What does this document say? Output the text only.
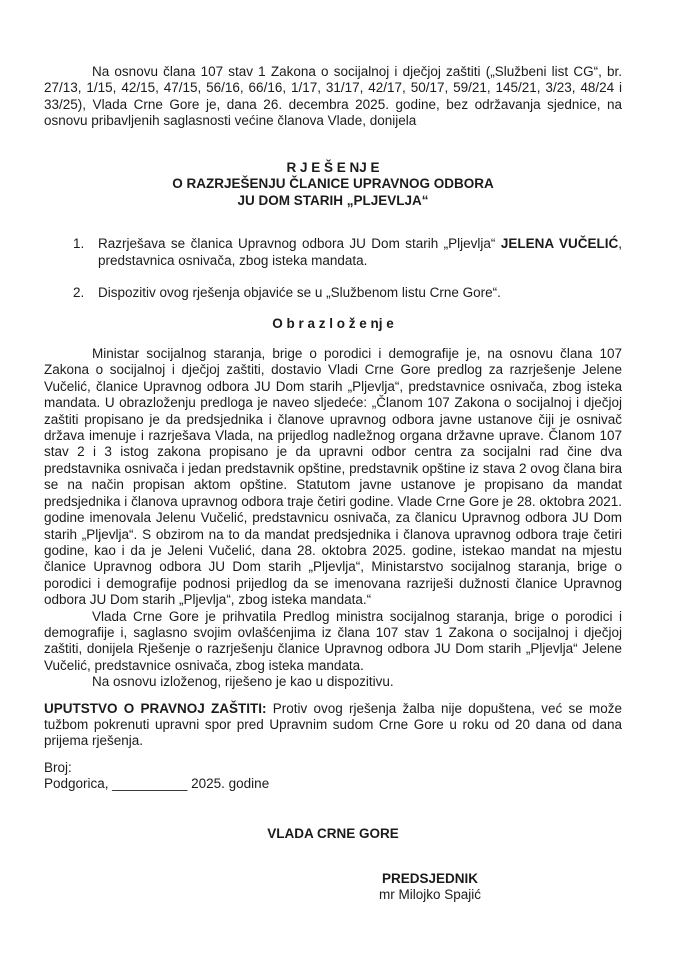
Na osnovu člana 107 stav 1 Zakona o socijalnoj i dječjoj zaštiti („Službeni list CG“, br. 27/13, 1/15, 42/15, 47/15, 56/16, 66/16, 1/17, 31/17, 42/17, 50/17, 59/21, 145/21, 3/23, 48/24 i 33/25), Vlada Crne Gore je, dana 26. decembra 2025. godine, bez održavanja sjednice, na osnovu pribavljenih saglasnosti većine članova Vlade, donijela

R J E Š E NJ E
O RAZRJEŠENJU ČLANICE UPRAVNOG ODBORA
JU DOM STARIH „PLJEVLJA“
1.	Razrješava se članica Upravnog odbora JU Dom starih „Pljevlja“ JELENA VUČELIĆ, predstavnica osnivača, zbog isteka mandata.

2.	Dispozitiv ovog rješenja objaviće se u „Službenom listu Crne Gore“.

O b r a z l o ž e nj e

Ministar socijalnog staranja, brige o porodici i demografije je, na osnovu člana 107 Zakona o socijalnoj i dječjoj zaštiti, dostavio Vladi Crne Gore predlog za razrješenje Jelene Vučelić, članice Upravnog odbora JU Dom starih „Pljevlja“, predstavnice osnivača, zbog isteka mandata. U obrazloženju predloga je naveo sljedeće: „Članom 107 Zakona o socijalnoj i dječjoj zaštiti propisano je da predsjednika i članove upravnog odbora javne ustanove čiji je osnivač država imenuje i razrješava Vlada, na prijedlog nadležnog organa državne uprave. Članom 107 stav 2 i 3 istog zakona propisano je da upravni odbor centra za socijalni rad čine dva predstavnika osnivača i jedan predstavnik opštine, predstavnik opštine iz stava 2 ovog člana bira se na način propisan aktom opštine. Statutom javne ustanove je propisano da mandat predsjednika i članova upravnog odbora traje četiri godine. Vlade Crne Gore je 28. oktobra 2021. godine imenovala Jelenu Vučelić, predstavnicu osnivača, za članicu Upravnog odbora JU Dom starih „Pljevlja“. S obzirom na to da mandat predsjednika i članova upravnog odbora traje četiri godine, kao i da je Jeleni Vučelić, dana 28. oktobra 2025. godine, istekao mandat na mjestu članice Upravnog odbora JU Dom starih „Pljevlja“, Ministarstvo socijalnog staranja, brige o porodici i demografije podnosi prijedlog da se imenovana razriješi dužnosti članice Upravnog odbora JU Dom starih „Pljevlja“, zbog isteka mandata.“

Vlada Crne Gore je prihvatila Predlog ministra socijalnog staranja, brige o porodici i demografije i, saglasno svojim ovlašćenjima iz člana 107 stav 1 Zakona o socijalnoj i dječjoj zaštiti, donijela Rješenje o razrješenju članice Upravnog odbora JU Dom starih „Pljevlja“ Jelene Vučelić, predstavnice osnivača, zbog isteka mandata.

Na osnovu izloženog, riješeno je kao u dispozitivu.

UPUTSTVO O PRAVNOJ ZAŠTITI: Protiv ovog rješenja žalba nije dopuštena, već se može tužbom pokrenuti upravni spor pred Upravnim sudom Crne Gore u roku od 20 dana od dana prijema rješenja.

Broj:
Podgorica, __________ 2025. godine
VLADA CRNE GORE
PREDSJEDNIK
mr Milojko Spajić
